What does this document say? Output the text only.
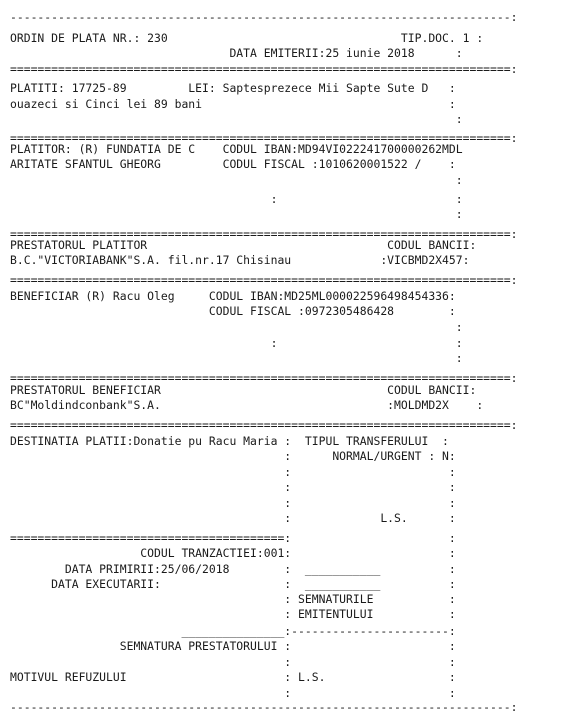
-------------------------------------------------------------------------:
ORDIN DE PLATA NR.: 230                                  TIP.DOC. 1 :
DATA EMITERII:25 iunie 2018      :
=========================================================================:
PLATITI: 17725-89         LEI: Saptesprezece Mii Sapte Sute D   :
ouazeci si Cinci lei 89 bani                                    :
:
=========================================================================:
PLATITOR: (R) FUNDATIA DE C    CODUL IBAN:MD94VI022241700000262MDL
ARITATE SFANTUL GHEORG         CODUL FISCAL :1010620001522 /    :
:
:                          :
:
=========================================================================:
PRESTATORUL PLATITOR                                   CODUL BANCII:
B.C."VICTORIABANK"S.A. fil.nr.17 Chisinau             :VICBMD2X457:
=========================================================================:
BENEFICIAR (R) Racu Oleg     CODUL IBAN:MD25ML000022596498454336:
CODUL FISCAL :0972305486428        :
:
:                          :
:
=========================================================================:
PRESTATORUL BENEFICIAR                                 CODUL BANCII:
BC"Moldindconbank"S.A.                                 :MOLDMD2X    :
=========================================================================:
DESTINATIA PLATII:Donatie pu Racu Maria :  TIPUL TRANSFERULUI  :
:      NORMAL/URGENT : N:
:                       :
:                       :
:                       :
:             L.S.      :
========================================:                       :
CODUL TRANZACTIEI:001:                       :
DATA PRIMIRII:25/06/2018        :  ___________          :
DATA EXECUTARII:                  :  ___________          :
: SEMNATURILE           :
: EMITENTULUI           :
_______________:-----------------------:
SEMNATURA PRESTATORULUI :                       :
:                       :
MOTIVUL REFUZULUI                       : L.S.                  :
:                       :
-------------------------------------------------------------------------:
